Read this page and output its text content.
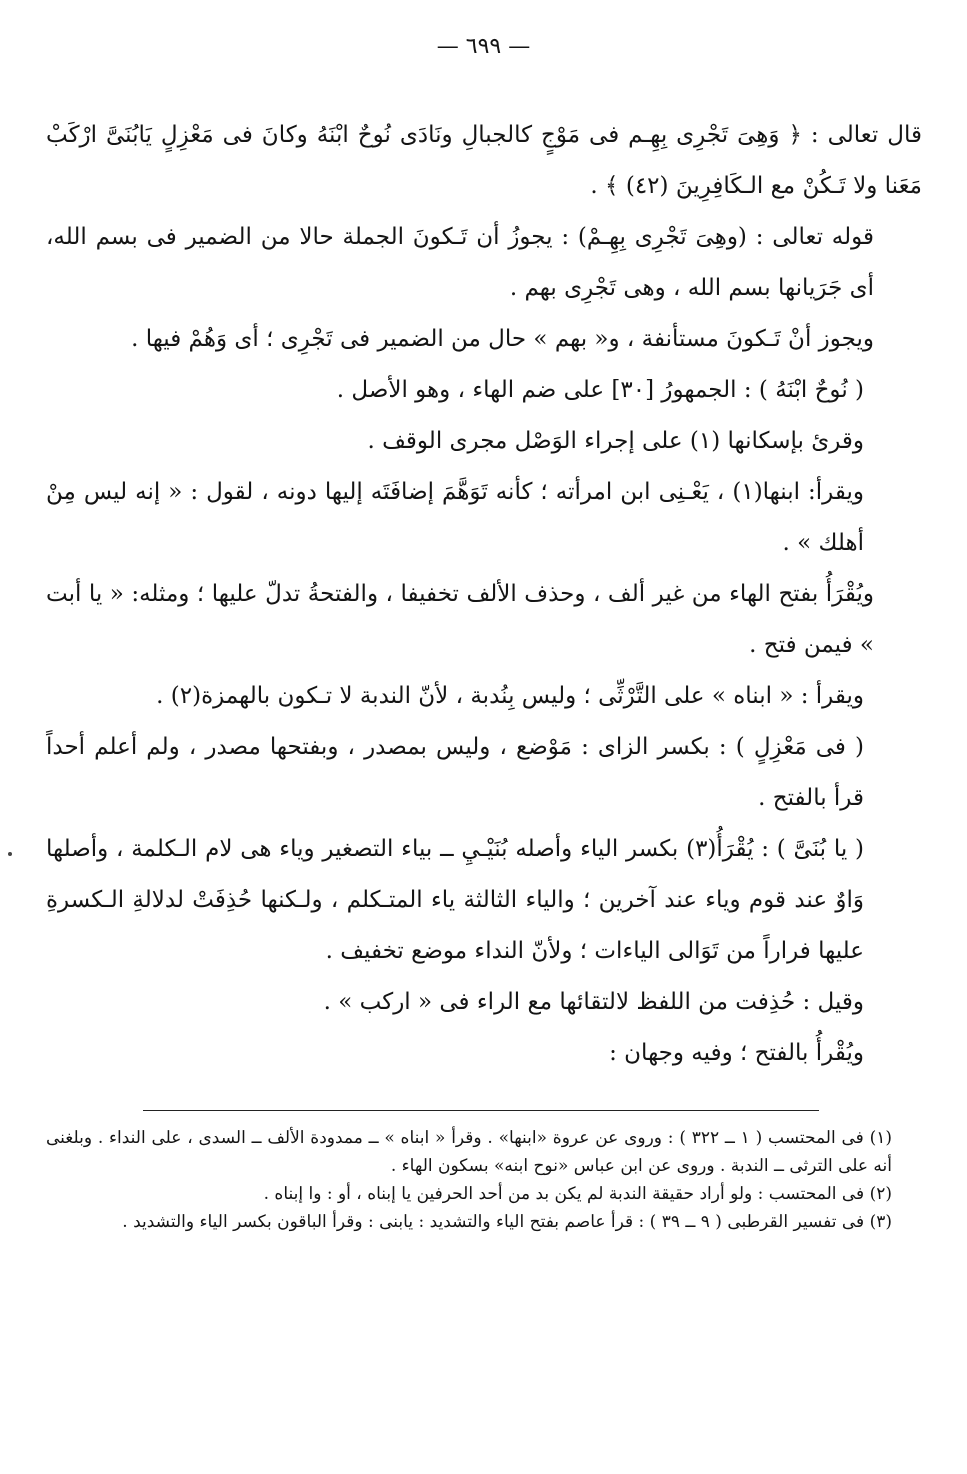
— ٦٩٩ —

قال تعالى : ﴿ وَهِىَ تَجْرِى بِهِـم فى مَوْجٍ كالجبالِ ونَادَى نُوحٌ ابْنَهُ وكانَ فى مَعْزِلٍ يَابُنَىَّ ارْكَبْ مَعَنا ولا تَـكُنْ مع الـكَافِرِينَ (٤٢) ﴾ .

قوله تعالى : (وهِىَ تَجْرِى بِهِـمْ) : يجوزُ أن تَـكونَ الجملة حالا من الضمير فى بسم الله، أى جَرَيانها بسم الله ، وهى تَجْرِى بهم .

ويجوز أنْ تَـكونَ مستأنفة ، و« بهم » حال من الضمير فى تَجْرِى ؛ أى وَهُمْ فيها .

( نُوحٌ ابْنَهُ ) : الجمهورُ [٣٠] على ضم الهاء ، وهو الأصل .

وقرئ بإسكانها (١) على إجراء الوَصْل مجرى الوقف .

ويقرأ: ابنها(١) ، يَعْـنِى ابن امرأته ؛ كأنه تَوَهَّمَ إضافَتَه إليها دونه ، لقول : « إنه ليس مِنْ أهلك » .

ويُقْرَأُ بفتح الهاء من غير ألف ، وحذف الألف تخفيفا ، والفتحةُ تدلّ عليها ؛ ومثله: « يا أبت » فيمن فتح .

ويقرأ : « ابناه » على التَّرْثِّى ؛ وليس بِنُدبة ، لأنّ الندبة لا تـكون بالهمزة(٢) .

( فى مَعْزِلٍ ) : بكسر الزاى : مَوْضع ، وليس بمصدر ، وبفتحها مصدر ، ولم أعلم أحداً قرأ بالفتح .

( يا بُنَىَّ ) : يُقْرَأُ(٣) بكسر الياء وأصله بُنَيْـيِ ــ بياء التصغير وياء هى لام الـكلمة ، وأصلها وَاوٌ عند قوم وياء عند آخرين ؛ والياء الثالثة ياء المتـكلم ، ولـكنها حُذِفَتْ لدلالةِ الـكسرةِ عليها فراراً من تَوَالى الياءات ؛ ولأنّ النداء موضع تخفيف .

وقيل : حُذِفت من اللفظ لالتقائها مع الراء فى « اركب » .

ويُقْرأُ بالفتح ؛ وفيه وجهان :

(١) فى المحتسب ( ١ ــ ٣٢٢ ) : وروى عن عروة «ابنها» . وقرأ « ابناه » ــ ممدودة الألف ــ السدى ، على النداء . وبلغنى أنه على الترثى ــ الندبة . وروى عن ابن عباس «نوح ابنه» بسكون الهاء .

(٢) فى المحتسب : ولو أراد حقيقة الندبة لم يكن بد من أحد الحرفين يا إبناه ، أو : وا إبناه .

(٣) فى تفسير القرطبى ( ٩ ــ ٣٩ ) : قرأ عاصم بفتح الياء والتشديد : يابنى : وقرأ الباقون بكسر الياء والتشديد .
